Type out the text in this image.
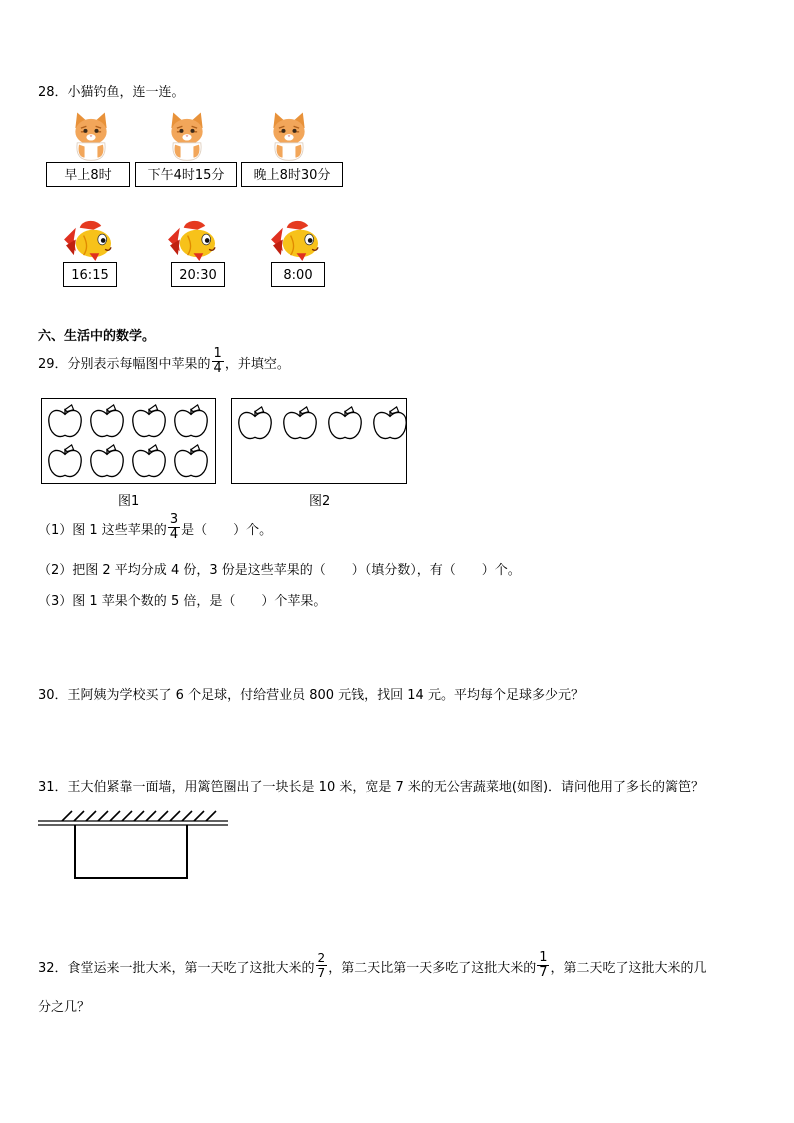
28．小猫钓鱼，连一连。
早上8时	下午4时15分	晚上8时30分
16:15	20:30	8:00
六、生活中的数学。
29．分别表示每幅图中苹果的 $\frac{1}{4}$ ，并填空。
图1	图2
（1）图 1 这些苹果的 $\frac{3}{4}$ 是（　　）个。
（2）把图 2 平均分成 4 份，3 份是这些苹果的（　　）（填分数），有（　　）个。
（3）图 1 苹果个数的 5 倍，是（　　）个苹果。
30．王阿姨为学校买了 6 个足球，付给营业员 800 元钱，找回 14 元。平均每个足球多少元？
31．王大伯紧靠一面墙，用篱笆圈出了一块长是 10 米，宽是 7 米的无公害蔬菜地(如图)．请问他用了多长的篱笆？
32．食堂运来一批大米，第一天吃了这批大米的 $\frac{2}{7}$ ，第二天比第一天多吃了这批大米的 $\frac{1}{7}$ ，第二天吃了这批大米的几
分之几？
